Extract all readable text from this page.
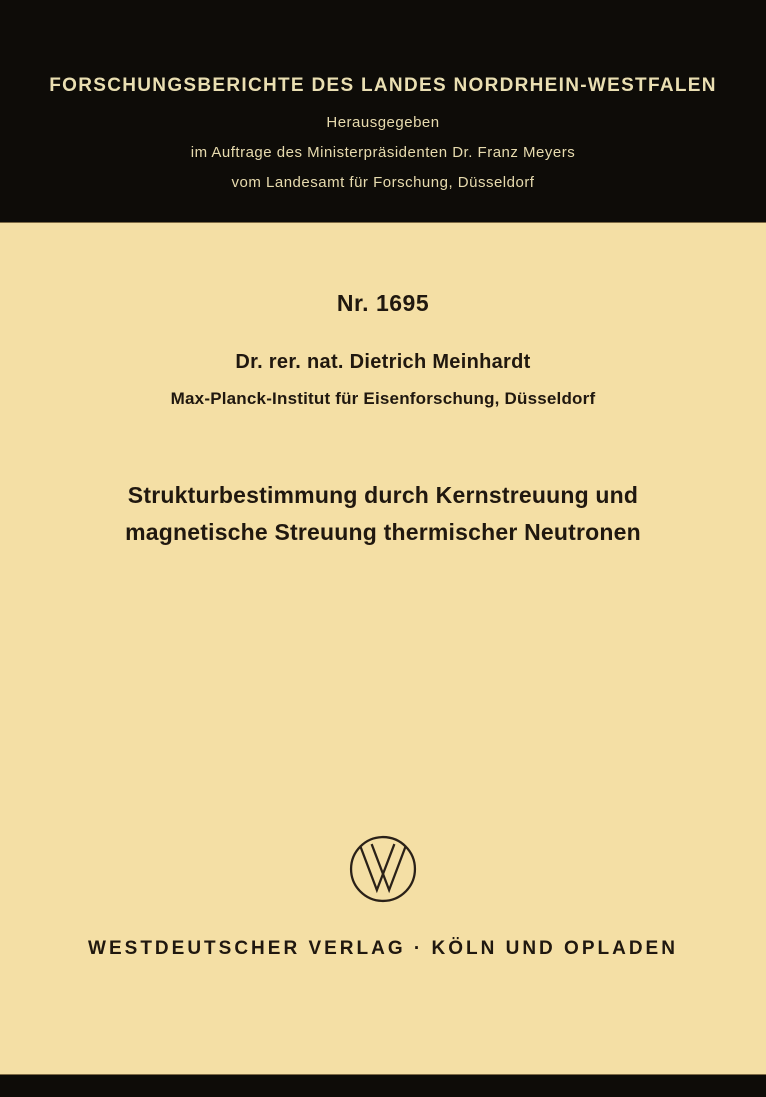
FORSCHUNGSBERICHTE DES LANDES NORDRHEIN-WESTFALEN
Herausgegeben
im Auftrage des Ministerpräsidenten Dr. Franz Meyers
vom Landesamt für Forschung, Düsseldorf
Nr. 1695
Dr. rer. nat. Dietrich Meinhardt
Max-Planck-Institut für Eisenforschung, Düsseldorf
Strukturbestimmung durch Kernstreuung und
magnetische Streuung thermischer Neutronen
WESTDEUTSCHER VERLAG · KÖLN UND OPLADEN
